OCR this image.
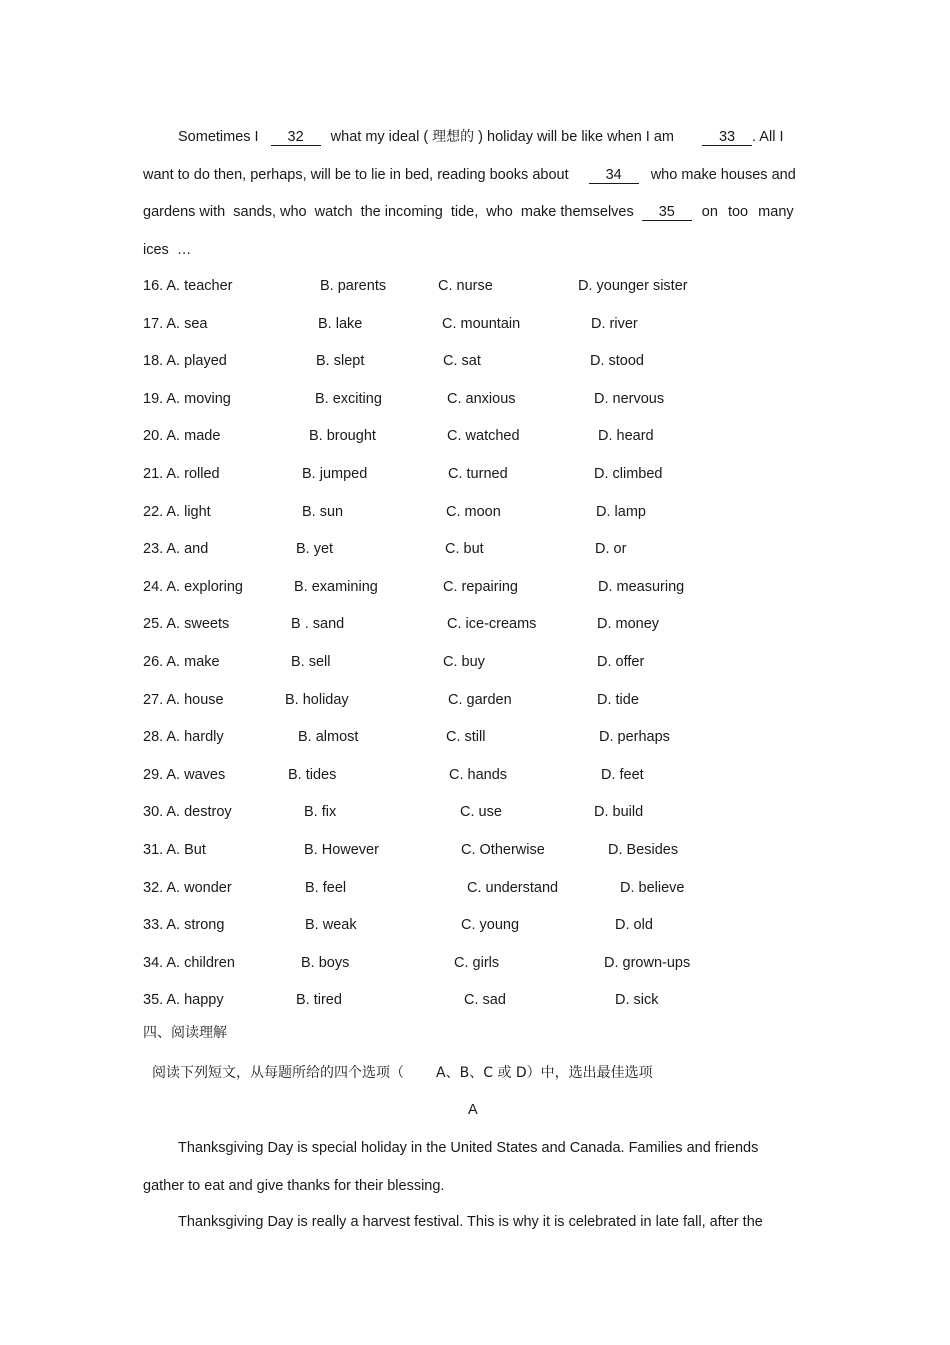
Sometimes I 32 what my ideal ( 理想的 ) holiday will be like when I am	33 . All I
want to do then, perhaps, will be to lie in bed, reading books about	34 who make houses and
gardens with sands, who watch the incoming tide, who make themselves 35 on too many
ices  …
16. A. teacher	B. parents	C. nurse	D. younger sister
17. A. sea	B. lake	C. mountain	D. river
18. A. played	B. slept	C. sat	D. stood
19. A. moving	B. exciting	C. anxious	D. nervous
20. A. made	B. brought	C. watched	D. heard
21. A. rolled	B. jumped	C. turned	D. climbed
22. A. light	B. sun	C. moon	D. lamp
23. A. and	B. yet	C. but	D. or
24. A. exploring	B. examining	C. repairing	D. measuring
25. A. sweets	B . sand	C. ice-creams	D. money
26. A. make	B. sell	C. buy	D. offer
27. A. house	B. holiday	C. garden	D. tide
28. A. hardly	B. almost	C. still	D. perhaps
29. A. waves	B. tides	C. hands	D. feet
30. A. destroy	B. fix	C. use	D. build
31. A. But	B. However	C. Otherwise	D. Besides
32. A. wonder	B. feel	C. understand	D. believe
33. A. strong	B. weak	C. young	D. old
34. A. children	B. boys	C. girls	D. grown-ups
35. A. happy	B. tired	C. sad	D. sick
四、阅读理解
阅读下列短文，从每题所给的四个选项（ A、B、C 或 D）中，选出最佳选项
A
Thanksgiving Day is special holiday in the United States and Canada. Families and friends
gather to eat and give thanks for their blessing.
Thanksgiving Day is really a harvest festival. This is why it is celebrated in late fall, after the
